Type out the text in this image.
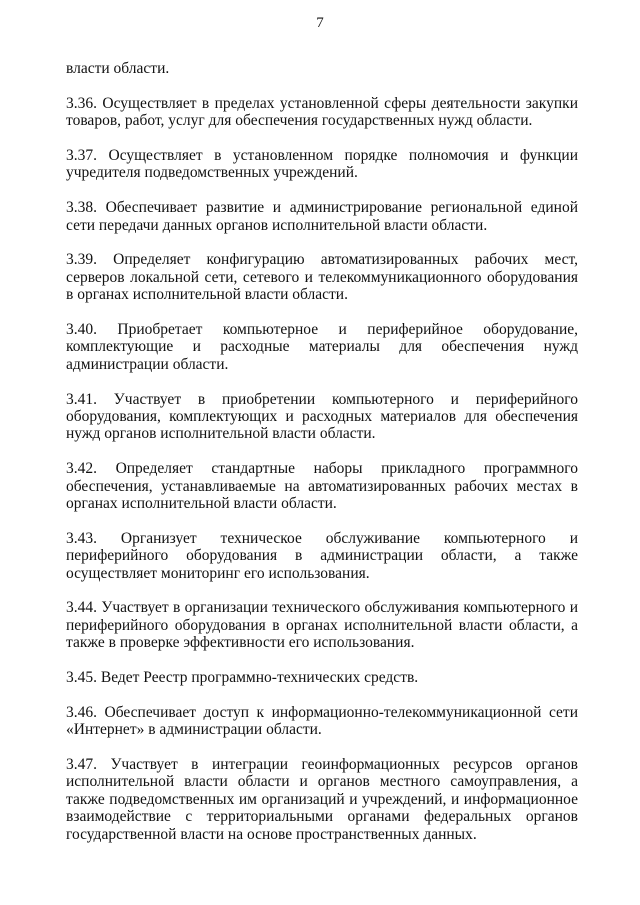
7

власти области.

3.36. Осуществляет в пределах установленной сферы деятельности закупки товаров, работ, услуг для обеспечения государственных нужд области.

3.37. Осуществляет в установленном порядке полномочия и функции учредителя подведомственных учреждений.

3.38. Обеспечивает развитие и администрирование региональной единой сети передачи данных органов исполнительной власти области.

3.39. Определяет конфигурацию автоматизированных рабочих мест, серверов локальной сети, сетевого и телекоммуникационного оборудования в органах исполнительной власти области.

3.40. Приобретает компьютерное и периферийное оборудование, комплектующие и расходные материалы для обеспечения нужд администрации области.

3.41. Участвует в приобретении компьютерного и периферийного оборудования, комплектующих и расходных материалов для обеспечения нужд органов исполнительной власти области.

3.42. Определяет стандартные наборы прикладного программного обеспечения, устанавливаемые на автоматизированных рабочих местах в органах исполнительной власти области.

3.43. Организует техническое обслуживание компьютерного и периферийного оборудования в администрации области, а также осуществляет мониторинг его использования.

3.44. Участвует в организации технического обслуживания компьютерного и периферийного оборудования в органах исполнительной власти области, а также в проверке эффективности его использования.

3.45. Ведет Реестр программно-технических средств.

3.46. Обеспечивает доступ к информационно-телекоммуникационной сети «Интернет» в администрации области.

3.47. Участвует в интеграции геоинформационных ресурсов органов исполнительной власти области и органов местного самоуправления, а также подведомственных им организаций и учреждений, и информационное взаимодействие с территориальными органами федеральных органов государственной власти на основе пространственных данных.
